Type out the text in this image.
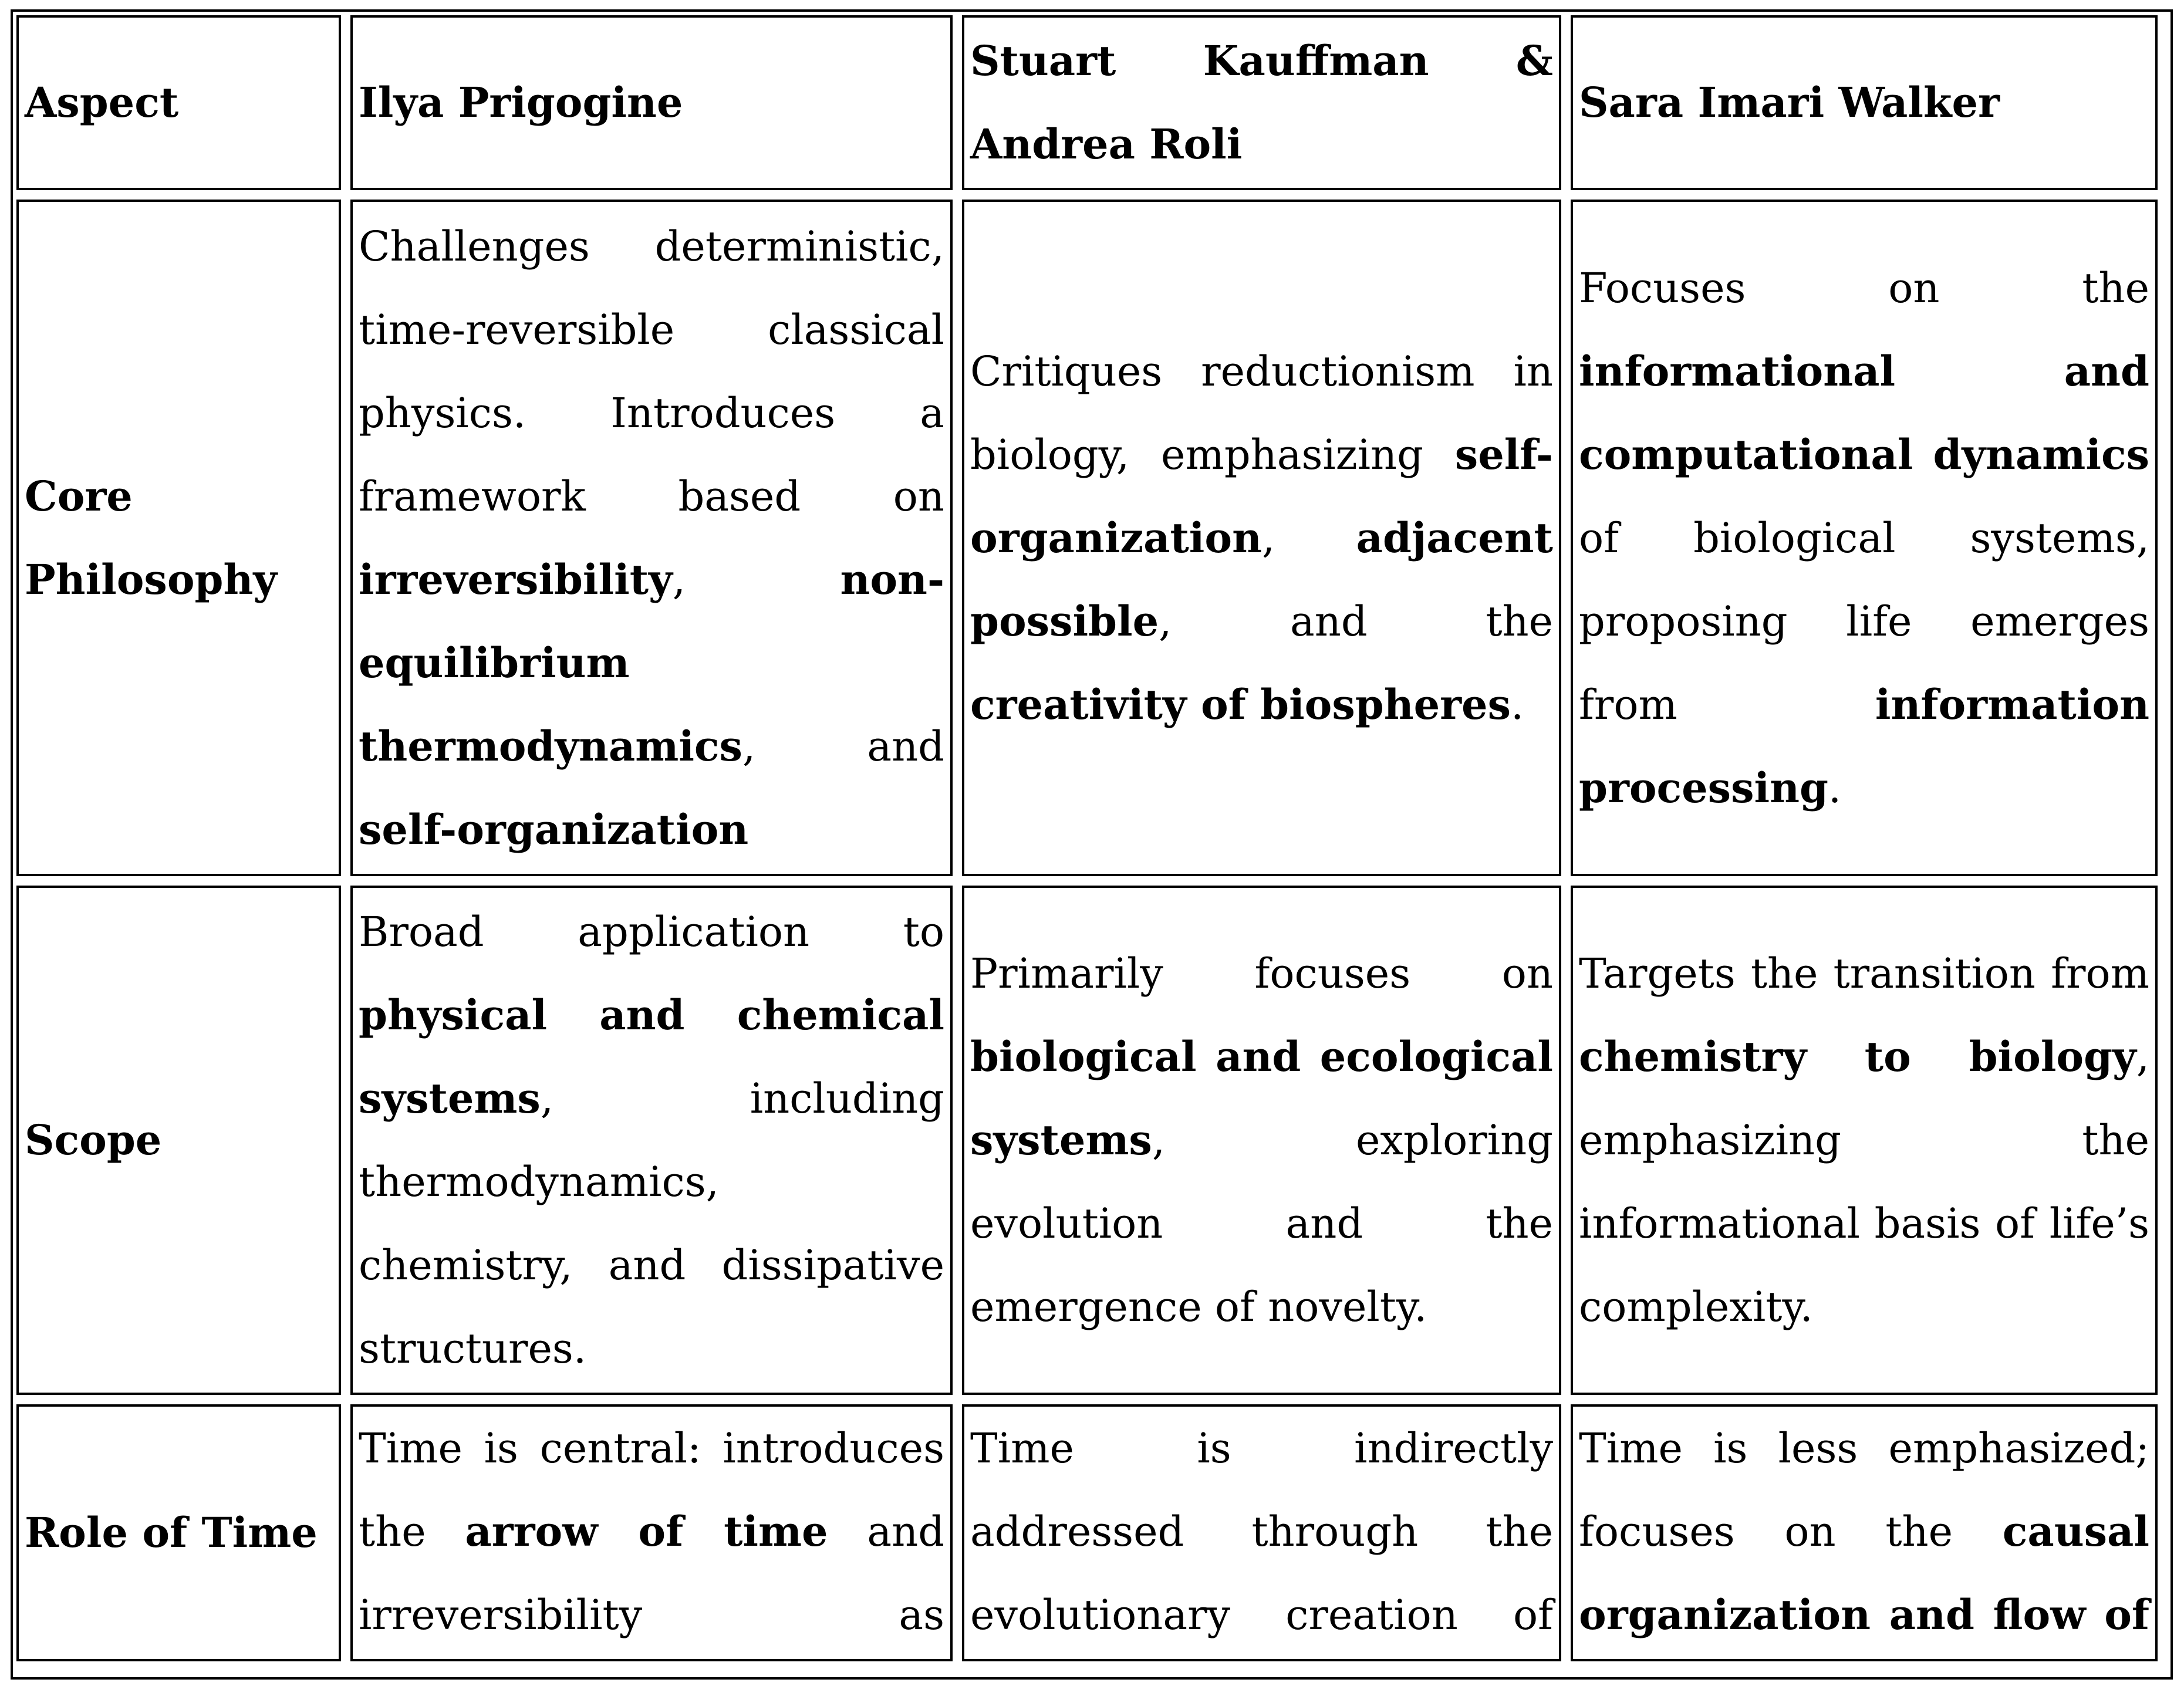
Aspect	Ilya Prigogine	Stuart Kauffman & Andrea Roli	Sara Imari Walker
Core Philosophy	Challenges deterministic, time-reversible classical physics. Introduces a framework based on irreversibility, non-equilibrium thermodynamics, and self-organization	Critiques reductionism in biology, emphasizing self-organization, adjacent possible, and the creativity of biospheres.	Focuses on the informational and computational dynamics of biological systems, proposing life emerges from information processing.
Scope	Broad application to physical and chemical systems, including thermodynamics, chemistry, and dissipative structures.	Primarily focuses on biological and ecological systems, exploring evolution and the emergence of novelty.	Targets the transition from chemistry to biology, emphasizing the informational basis of life’s complexity.
Role of Time	Time is central: introduces the arrow of time and irreversibility as	Time is indirectly addressed through the evolutionary creation of	Time is less emphasized; focuses on the causal organization and flow of
